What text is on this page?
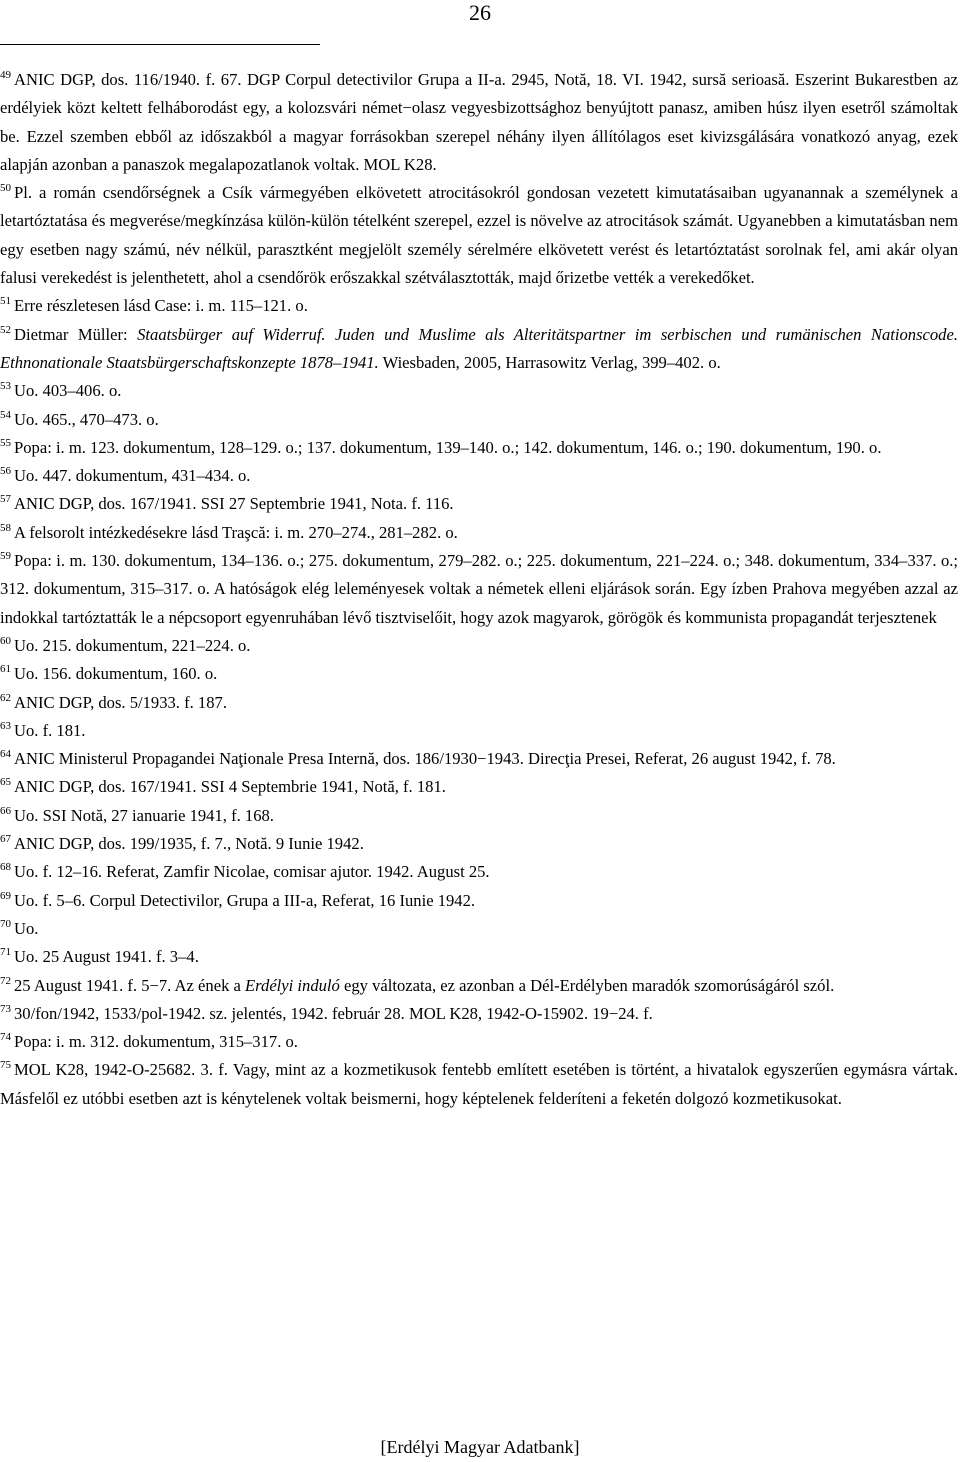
26

$^{49}$ ANIC DGP, dos. 116/1940. f. 67. DGP Corpul detectivilor Grupa a II-a. 2945, Notă, 18. VI. 1942, sursă serioasă. Eszerint Bukarestben az erdélyiek közt keltett felháborodást egy, a kolozsvári német−olasz vegyesbizottsághoz benyújtott panasz, amiben húsz ilyen esetről számoltak be. Ezzel szemben ebből az időszakból a magyar forrásokban szerepel néhány ilyen állítólagos eset kivizsgálására vonatkozó anyag, ezek alapján azonban a panaszok megalapozatlanok voltak. MOL K28.

$^{50}$ Pl. a román csendőrségnek a Csík vármegyében elkövetett atrocitásokról gondosan vezetett kimutatásaiban ugyanannak a személynek a letartóztatása és megverése/megkínzása külön-külön tételként szerepel, ezzel is növelve az atrocitások számát. Ugyanebben a kimutatásban nem egy esetben nagy számú, név nélkül, parasztként megjelölt személy sérelmére elkövetett verést és letartóztatást sorolnak fel, ami akár olyan falusi verekedést is jelenthetett, ahol a csendőrök erőszakkal szétválasztották, majd őrizetbe vették a verekedőket.

$^{51}$ Erre részletesen lásd Case: i. m. 115–121. o.

$^{52}$ Dietmar Müller: Staatsbürger auf Widerruf. Juden und Muslime als Alteritätspartner im serbischen und rumänischen Nationscode. Ethnonationale Staatsbürgerschaftskonzepte 1878–1941. Wiesbaden, 2005, Harrasowitz Verlag, 399–402. o.

$^{53}$ Uo. 403–406. o.

$^{54}$ Uo. 465., 470–473. o.

$^{55}$ Popa: i. m. 123. dokumentum, 128–129. o.; 137. dokumentum, 139–140. o.; 142. dokumentum, 146. o.; 190. dokumentum, 190. o.

$^{56}$ Uo. 447. dokumentum, 431–434. o.

$^{57}$ ANIC DGP, dos. 167/1941. SSI 27 Septembrie 1941, Nota. f. 116.

$^{58}$ A felsorolt intézkedésekre lásd Traşcă: i. m. 270–274., 281–282. o.

$^{59}$ Popa: i. m. 130. dokumentum, 134–136. o.; 275. dokumentum, 279–282. o.; 225. dokumentum, 221–224. o.; 348. dokumentum, 334–337. o.; 312. dokumentum, 315–317. o. A hatóságok elég leleményesek voltak a németek elleni eljárások során. Egy ízben Prahova megyében azzal az indokkal tartóztatták le a népcsoport egyenruhában lévő tisztviselőit, hogy azok magyarok, görögök és kommunista propagandát terjesztenek

$^{60}$ Uo. 215. dokumentum, 221–224. o.

$^{61}$ Uo. 156. dokumentum, 160. o.

$^{62}$ ANIC DGP, dos. 5/1933. f. 187.

$^{63}$ Uo. f. 181.

$^{64}$ ANIC Ministerul Propagandei Naţionale Presa Internă, dos. 186/1930−1943. Direcţia Presei, Referat, 26 august 1942, f. 78.

$^{65}$ ANIC DGP, dos. 167/1941. SSI 4 Septembrie 1941, Notă, f. 181.

$^{66}$ Uo. SSI Notă, 27 ianuarie 1941, f. 168.

$^{67}$ ANIC DGP, dos. 199/1935, f. 7., Notă. 9 Iunie 1942.

$^{68}$ Uo. f. 12–16. Referat, Zamfir Nicolae, comisar ajutor. 1942. August 25.

$^{69}$ Uo. f. 5–6. Corpul Detectivilor, Grupa a III-a, Referat, 16 Iunie 1942.

$^{70}$ Uo.

$^{71}$ Uo. 25 August 1941. f. 3–4.

$^{72}$ 25 August 1941. f. 5−7. Az ének a Erdélyi induló egy változata, ez azonban a Dél-Erdélyben maradók szomorúságáról szól.

$^{73}$ 30/fon/1942, 1533/pol-1942. sz. jelentés, 1942. február 28. MOL K28, 1942-O-15902. 19−24. f.

$^{74}$ Popa: i. m. 312. dokumentum, 315–317. o.

$^{75}$ MOL K28, 1942-O-25682. 3. f. Vagy, mint az a kozmetikusok fentebb említett esetében is történt, a hivatalok egyszerűen egymásra vártak. Másfelől ez utóbbi esetben azt is kénytelenek voltak beismerni, hogy képtelenek felderíteni a feketén dolgozó kozmetikusokat.

[Erdélyi Magyar Adatbank]
